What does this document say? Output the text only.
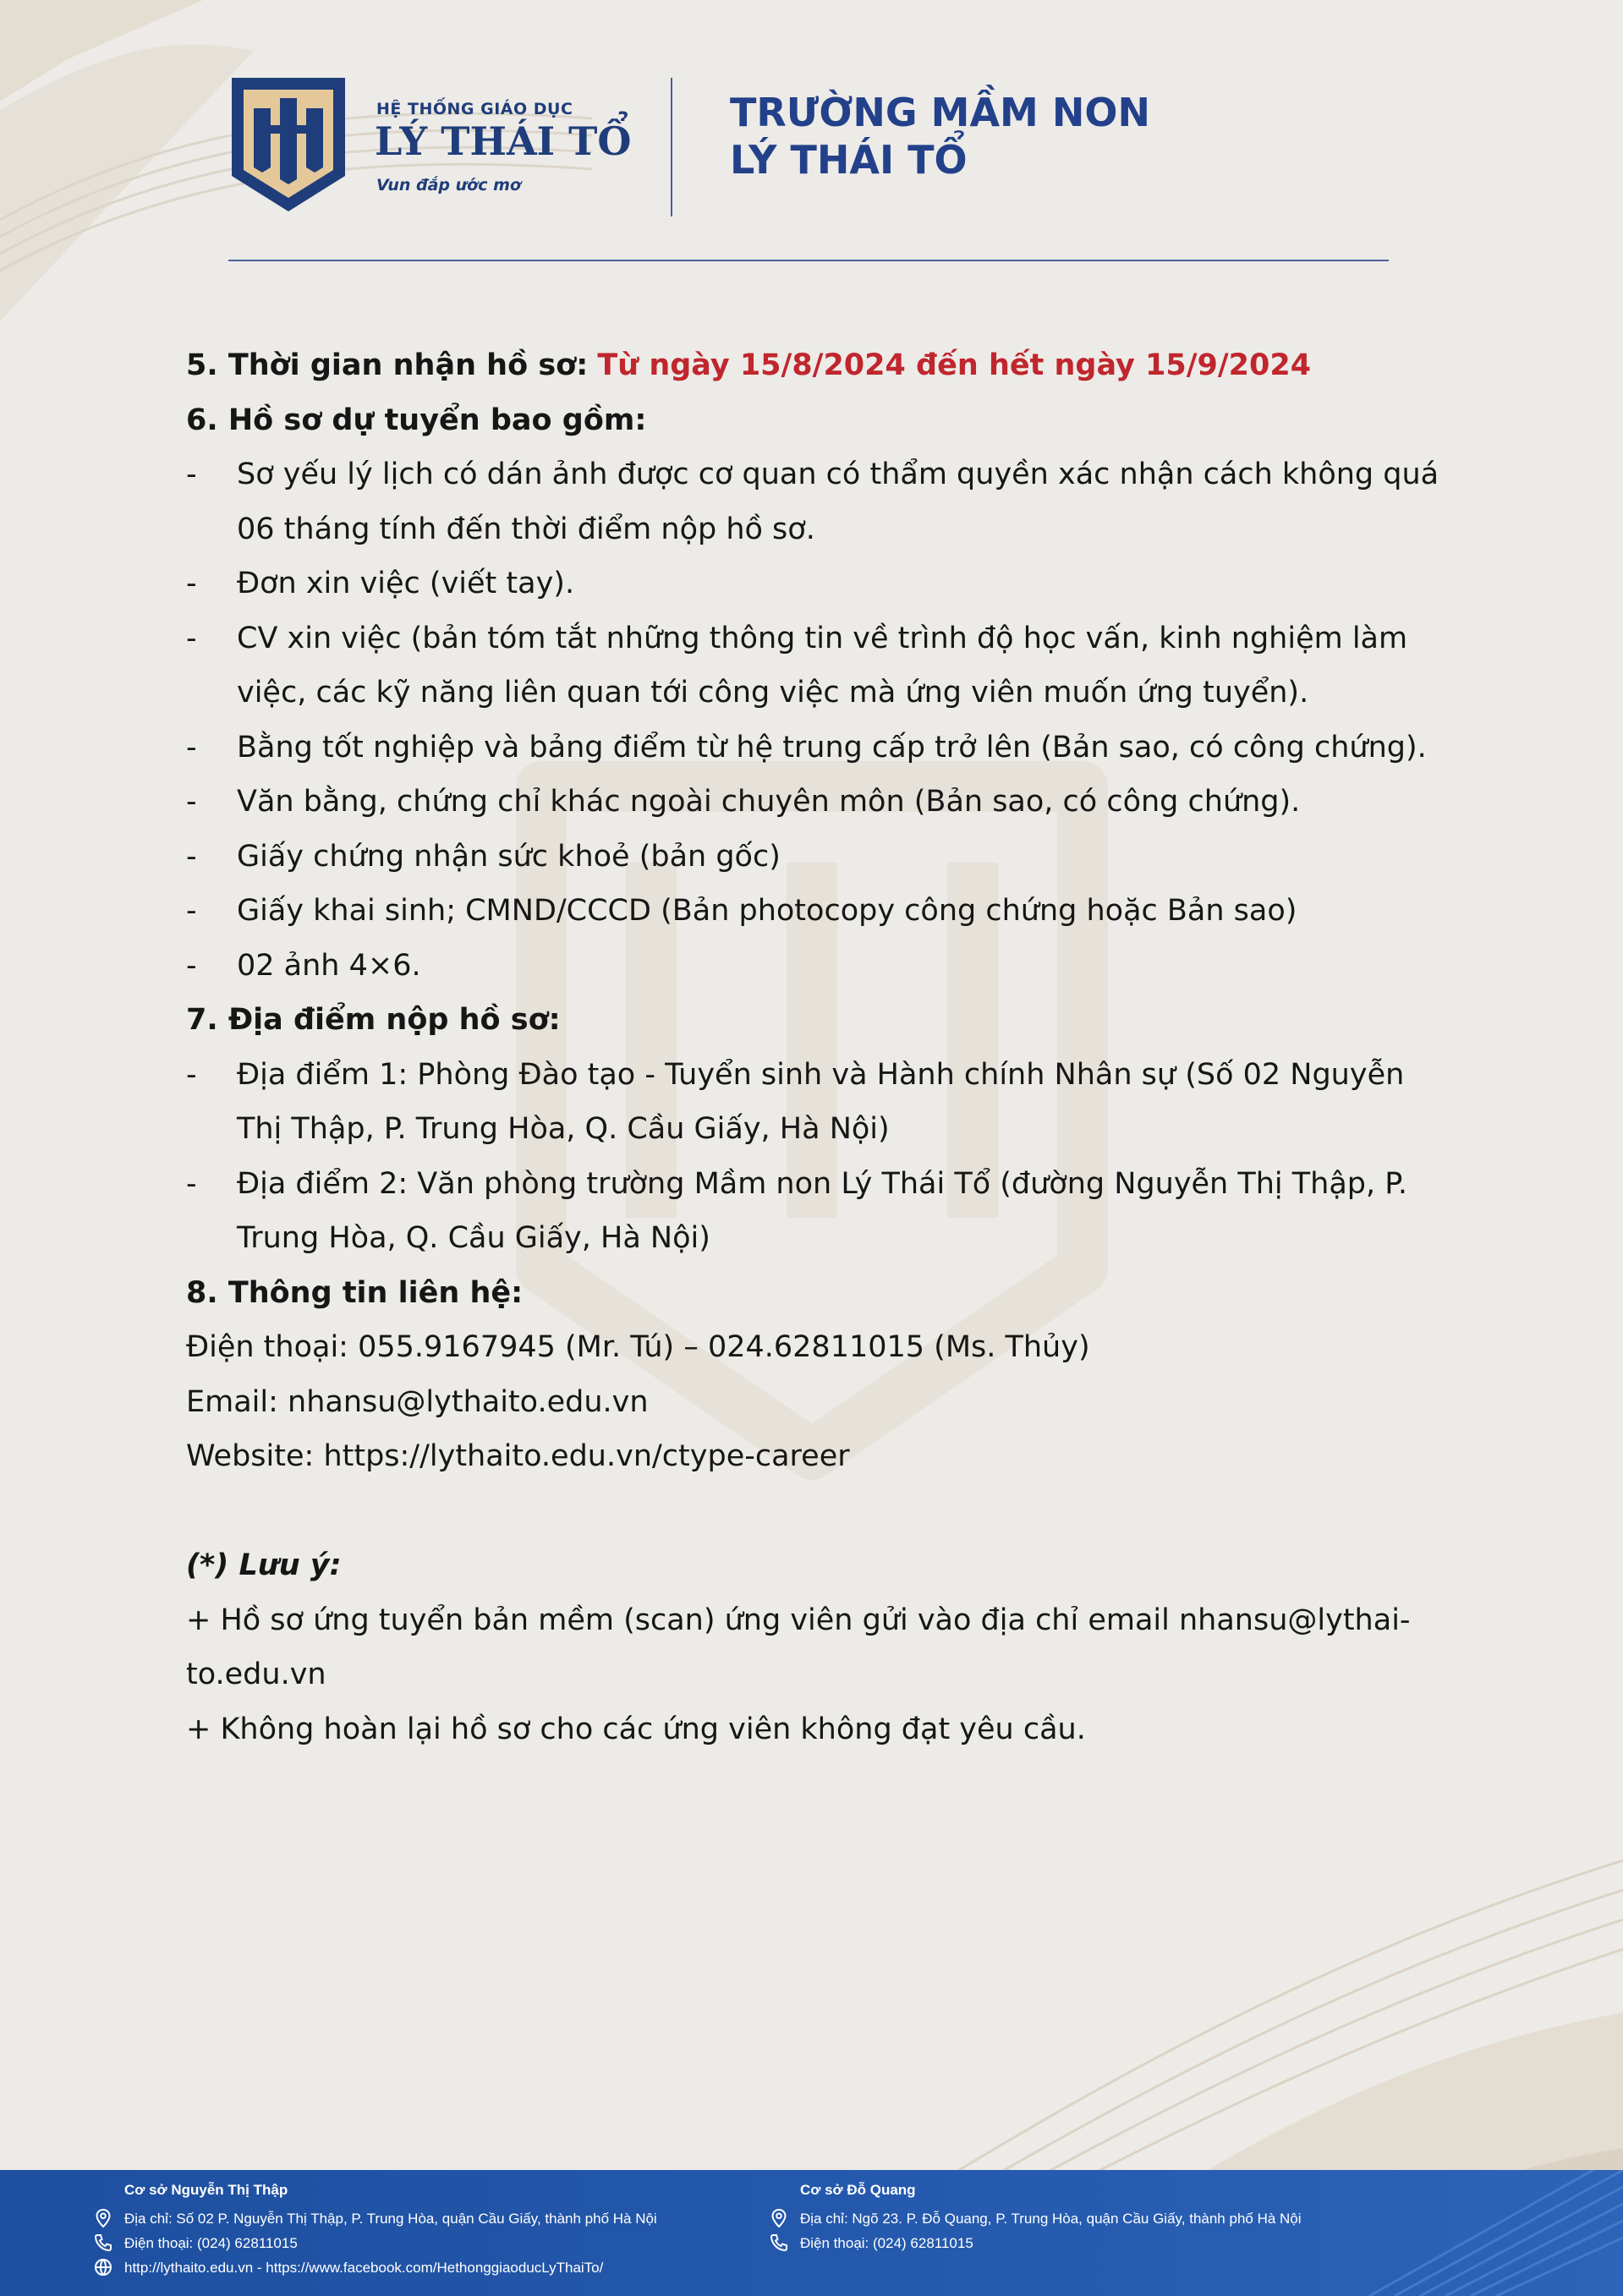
HỆ THỐNG GIÁO DỤC
LÝ THÁI TỔ
Vun đắp ước mơ
TRƯỜNG MẦM NON
LÝ THÁI TỔ
5. Thời gian nhận hồ sơ: Từ ngày 15/8/2024 đến hết ngày 15/9/2024
6. Hồ sơ dự tuyển bao gồm:
- Sơ yếu lý lịch có dán ảnh được cơ quan có thẩm quyền xác nhận cách không quá
06 tháng tính đến thời điểm nộp hồ sơ.
- Đơn xin việc (viết tay).
- CV xin việc (bản tóm tắt những thông tin về trình độ học vấn, kinh nghiệm làm
việc, các kỹ năng liên quan tới công việc mà ứng viên muốn ứng tuyển).
- Bằng tốt nghiệp và bảng điểm từ hệ trung cấp trở lên (Bản sao, có công chứng).
- Văn bằng, chứng chỉ khác ngoài chuyên môn (Bản sao, có công chứng).
- Giấy chứng nhận sức khoẻ (bản gốc)
- Giấy khai sinh; CMND/CCCD (Bản photocopy công chứng hoặc Bản sao)
- 02 ảnh 4×6.
7. Địa điểm nộp hồ sơ:
- Địa điểm 1: Phòng Đào tạo - Tuyển sinh và Hành chính Nhân sự (Số 02 Nguyễn
Thị Thập, P. Trung Hòa, Q. Cầu Giấy, Hà Nội)
- Địa điểm 2: Văn phòng trường Mầm non Lý Thái Tổ (đường Nguyễn Thị Thập, P.
Trung Hòa, Q. Cầu Giấy, Hà Nội)
8. Thông tin liên hệ:
Điện thoại: 055.9167945 (Mr. Tú) – 024.62811015 (Ms. Thủy)
Email: nhansu@lythaito.edu.vn
Website: https://lythaito.edu.vn/ctype-career
(*) Lưu ý:
+ Hồ sơ ứng tuyển bản mềm (scan) ứng viên gửi vào địa chỉ email nhansu@lythai-
to.edu.vn
+ Không hoàn lại hồ sơ cho các ứng viên không đạt yêu cầu.
Cơ sở Nguyễn Thị Thập
Địa chỉ: Số 02 P. Nguyễn Thị Thập, P. Trung Hòa, quận Cầu Giấy, thành phố Hà Nội
Điện thoại: (024) 62811015
http://lythaito.edu.vn - https://www.facebook.com/HethonggiaoducLyThaiTo/
Cơ sở Đỗ Quang
Địa chỉ: Ngõ 23. P. Đỗ Quang, P. Trung Hòa, quận Cầu Giấy, thành phố Hà Nội
Điện thoại: (024) 62811015
